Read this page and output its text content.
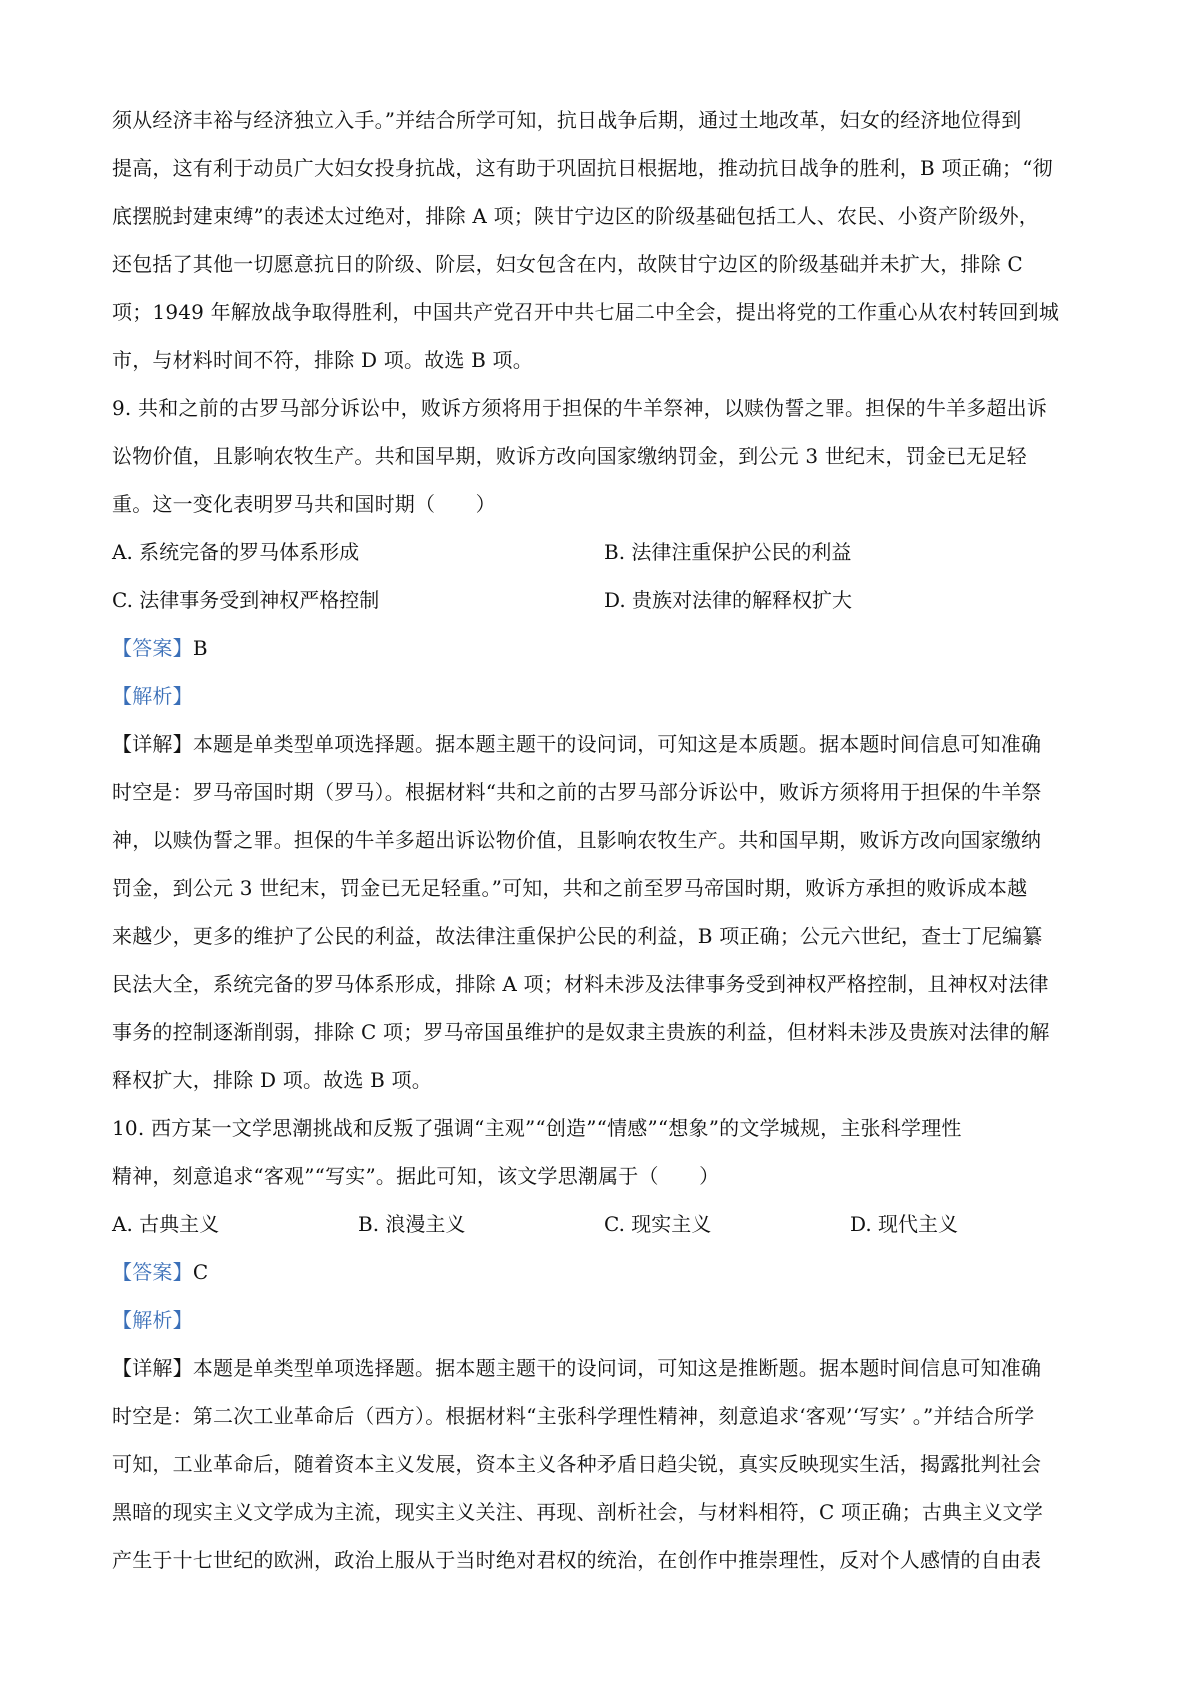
须从经济丰裕与经济独立入手。”并结合所学可知，抗日战争后期，通过土地改革，妇女的经济地位得到
提高，这有利于动员广大妇女投身抗战，这有助于巩固抗日根据地，推动抗日战争的胜利，B 项正确；“彻
底摆脱封建束缚”的表述太过绝对，排除 A 项；陕甘宁边区的阶级基础包括工人、农民、小资产阶级外，
还包括了其他一切愿意抗日的阶级、阶层，妇女包含在内，故陕甘宁边区的阶级基础并未扩大，排除 C
项；1949 年解放战争取得胜利，中国共产党召开中共七届二中全会，提出将党的工作重心从农村转回到城
市，与材料时间不符，排除 D 项。故选 B 项。
9. 共和之前的古罗马部分诉讼中，败诉方须将用于担保的牛羊祭神，以赎伪誓之罪。担保的牛羊多超出诉
讼物价值，且影响农牧生产。共和国早期，败诉方改向国家缴纳罚金，到公元 3 世纪末，罚金已无足轻
重。这一变化表明罗马共和国时期（　　）
A. 系统完备的罗马体系形成	B. 法律注重保护公民的利益
C. 法律事务受到神权严格控制	D. 贵族对法律的解释权扩大
【答案】B
【解析】
【详解】本题是单类型单项选择题。据本题主题干的设问词，可知这是本质题。据本题时间信息可知准确
时空是：罗马帝国时期（罗马）。根据材料“共和之前的古罗马部分诉讼中，败诉方须将用于担保的牛羊祭
神，以赎伪誓之罪。担保的牛羊多超出诉讼物价值，且影响农牧生产。共和国早期，败诉方改向国家缴纳
罚金，到公元 3 世纪末，罚金已无足轻重。”可知，共和之前至罗马帝国时期，败诉方承担的败诉成本越
来越少，更多的维护了公民的利益，故法律注重保护公民的利益，B 项正确；公元六世纪，查士丁尼编纂
民法大全，系统完备的罗马体系形成，排除 A 项；材料未涉及法律事务受到神权严格控制，且神权对法律
事务的控制逐渐削弱，排除 C 项；罗马帝国虽维护的是奴隶主贵族的利益，但材料未涉及贵族对法律的解
释权扩大，排除 D 项。故选 B 项。
10. 西方某一文学思潮挑战和反叛了强调“主观”“创造”“情感”“想象”的文学城规，主张科学理性
精神，刻意追求“客观”“写实”。据此可知，该文学思潮属于（　　）
A. 古典主义	B. 浪漫主义	C. 现实主义	D. 现代主义
【答案】C
【解析】
【详解】本题是单类型单项选择题。据本题主题干的设问词，可知这是推断题。据本题时间信息可知准确
时空是：第二次工业革命后（西方）。根据材料“主张科学理性精神，刻意追求‘客观’‘写实’ 。”并结合所学
可知，工业革命后，随着资本主义发展，资本主义各种矛盾日趋尖锐，真实反映现实生活，揭露批判社会
黑暗的现实主义文学成为主流，现实主义关注、再现、剖析社会，与材料相符，C 项正确；古典主义文学
产生于十七世纪的欧洲，政治上服从于当时绝对君权的统治，在创作中推崇理性，反对个人感情的自由表
